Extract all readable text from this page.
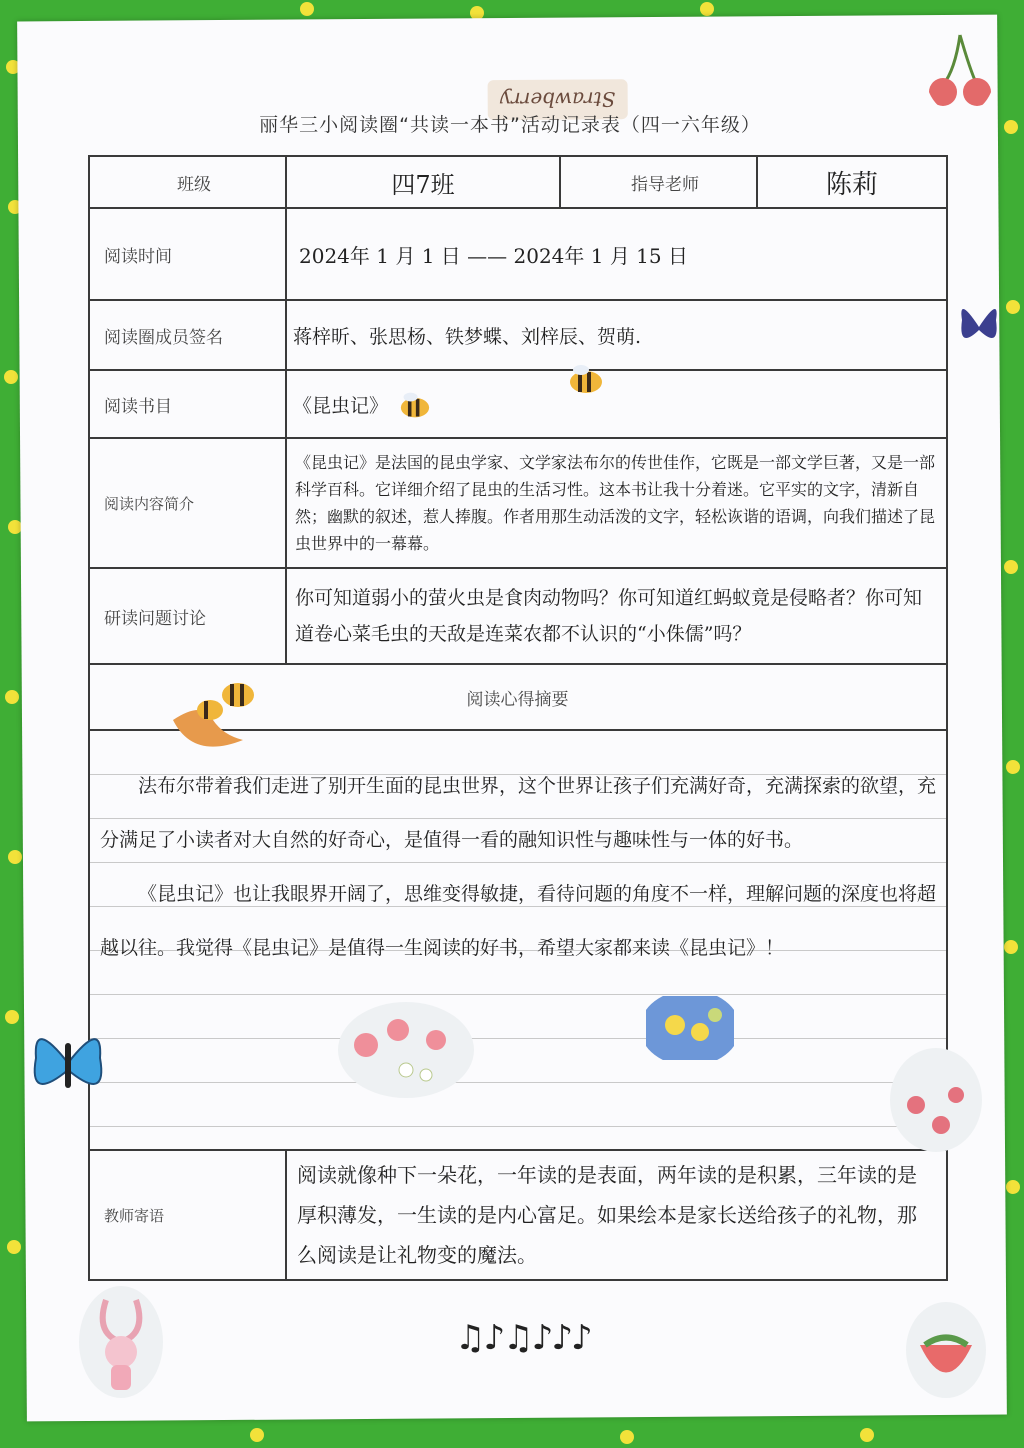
Strawberry
丽华三小阅读圈“共读一本书”活动记录表（四一六年级）
班级	四7班	指导老师	陈莉
阅读时间	2024年 1 月 1 日 —— 2024年 1 月 15 日		
阅读圈成员签名	蒋梓昕、张思杨、铁梦蝶、刘梓辰、贺萌.		
阅读书目	《昆虫记》		
阅读内容简介	《昆虫记》是法国的昆虫学家、文学家法布尔的传世佳作，它既是一部文学巨著，又是一部科学百科。它详细介绍了昆虫的生活习性。这本书让我十分着迷。它平实的文字，清新自然；幽默的叙述，惹人捧腹。作者用那生动活泼的文字，轻松诙谐的语调，向我们描述了昆虫世界中的一幕幕。		
研读问题讨论	你可知道弱小的萤火虫是食肉动物吗？你可知道红蚂蚁竟是侵略者？你可知道卷心菜毛虫的天敌是连菜农都不认识的“小侏儒”吗？		
阅读心得摘要			

法布尔带着我们走进了别开生面的昆虫世界，这个世界让孩子们充满好奇，充满探索的欲望，充分满足了小读者对大自然的好奇心，是值得一看的融知识性与趣味性与一体的好书。
《昆虫记》也让我眼界开阔了，思维变得敏捷，看待问题的角度不一样，理解问题的深度也将超越以往。我觉得《昆虫记》是值得一生阅读的好书，希望大家都来读《昆虫记》！			

教师寄语	阅读就像种下一朵花，一年读的是表面，两年读的是积累，三年读的是厚积薄发，一生读的是内心富足。如果绘本是家长送给孩子的礼物，那么阅读是让礼物变的魔法。		
♫♪♫♪♪♪
